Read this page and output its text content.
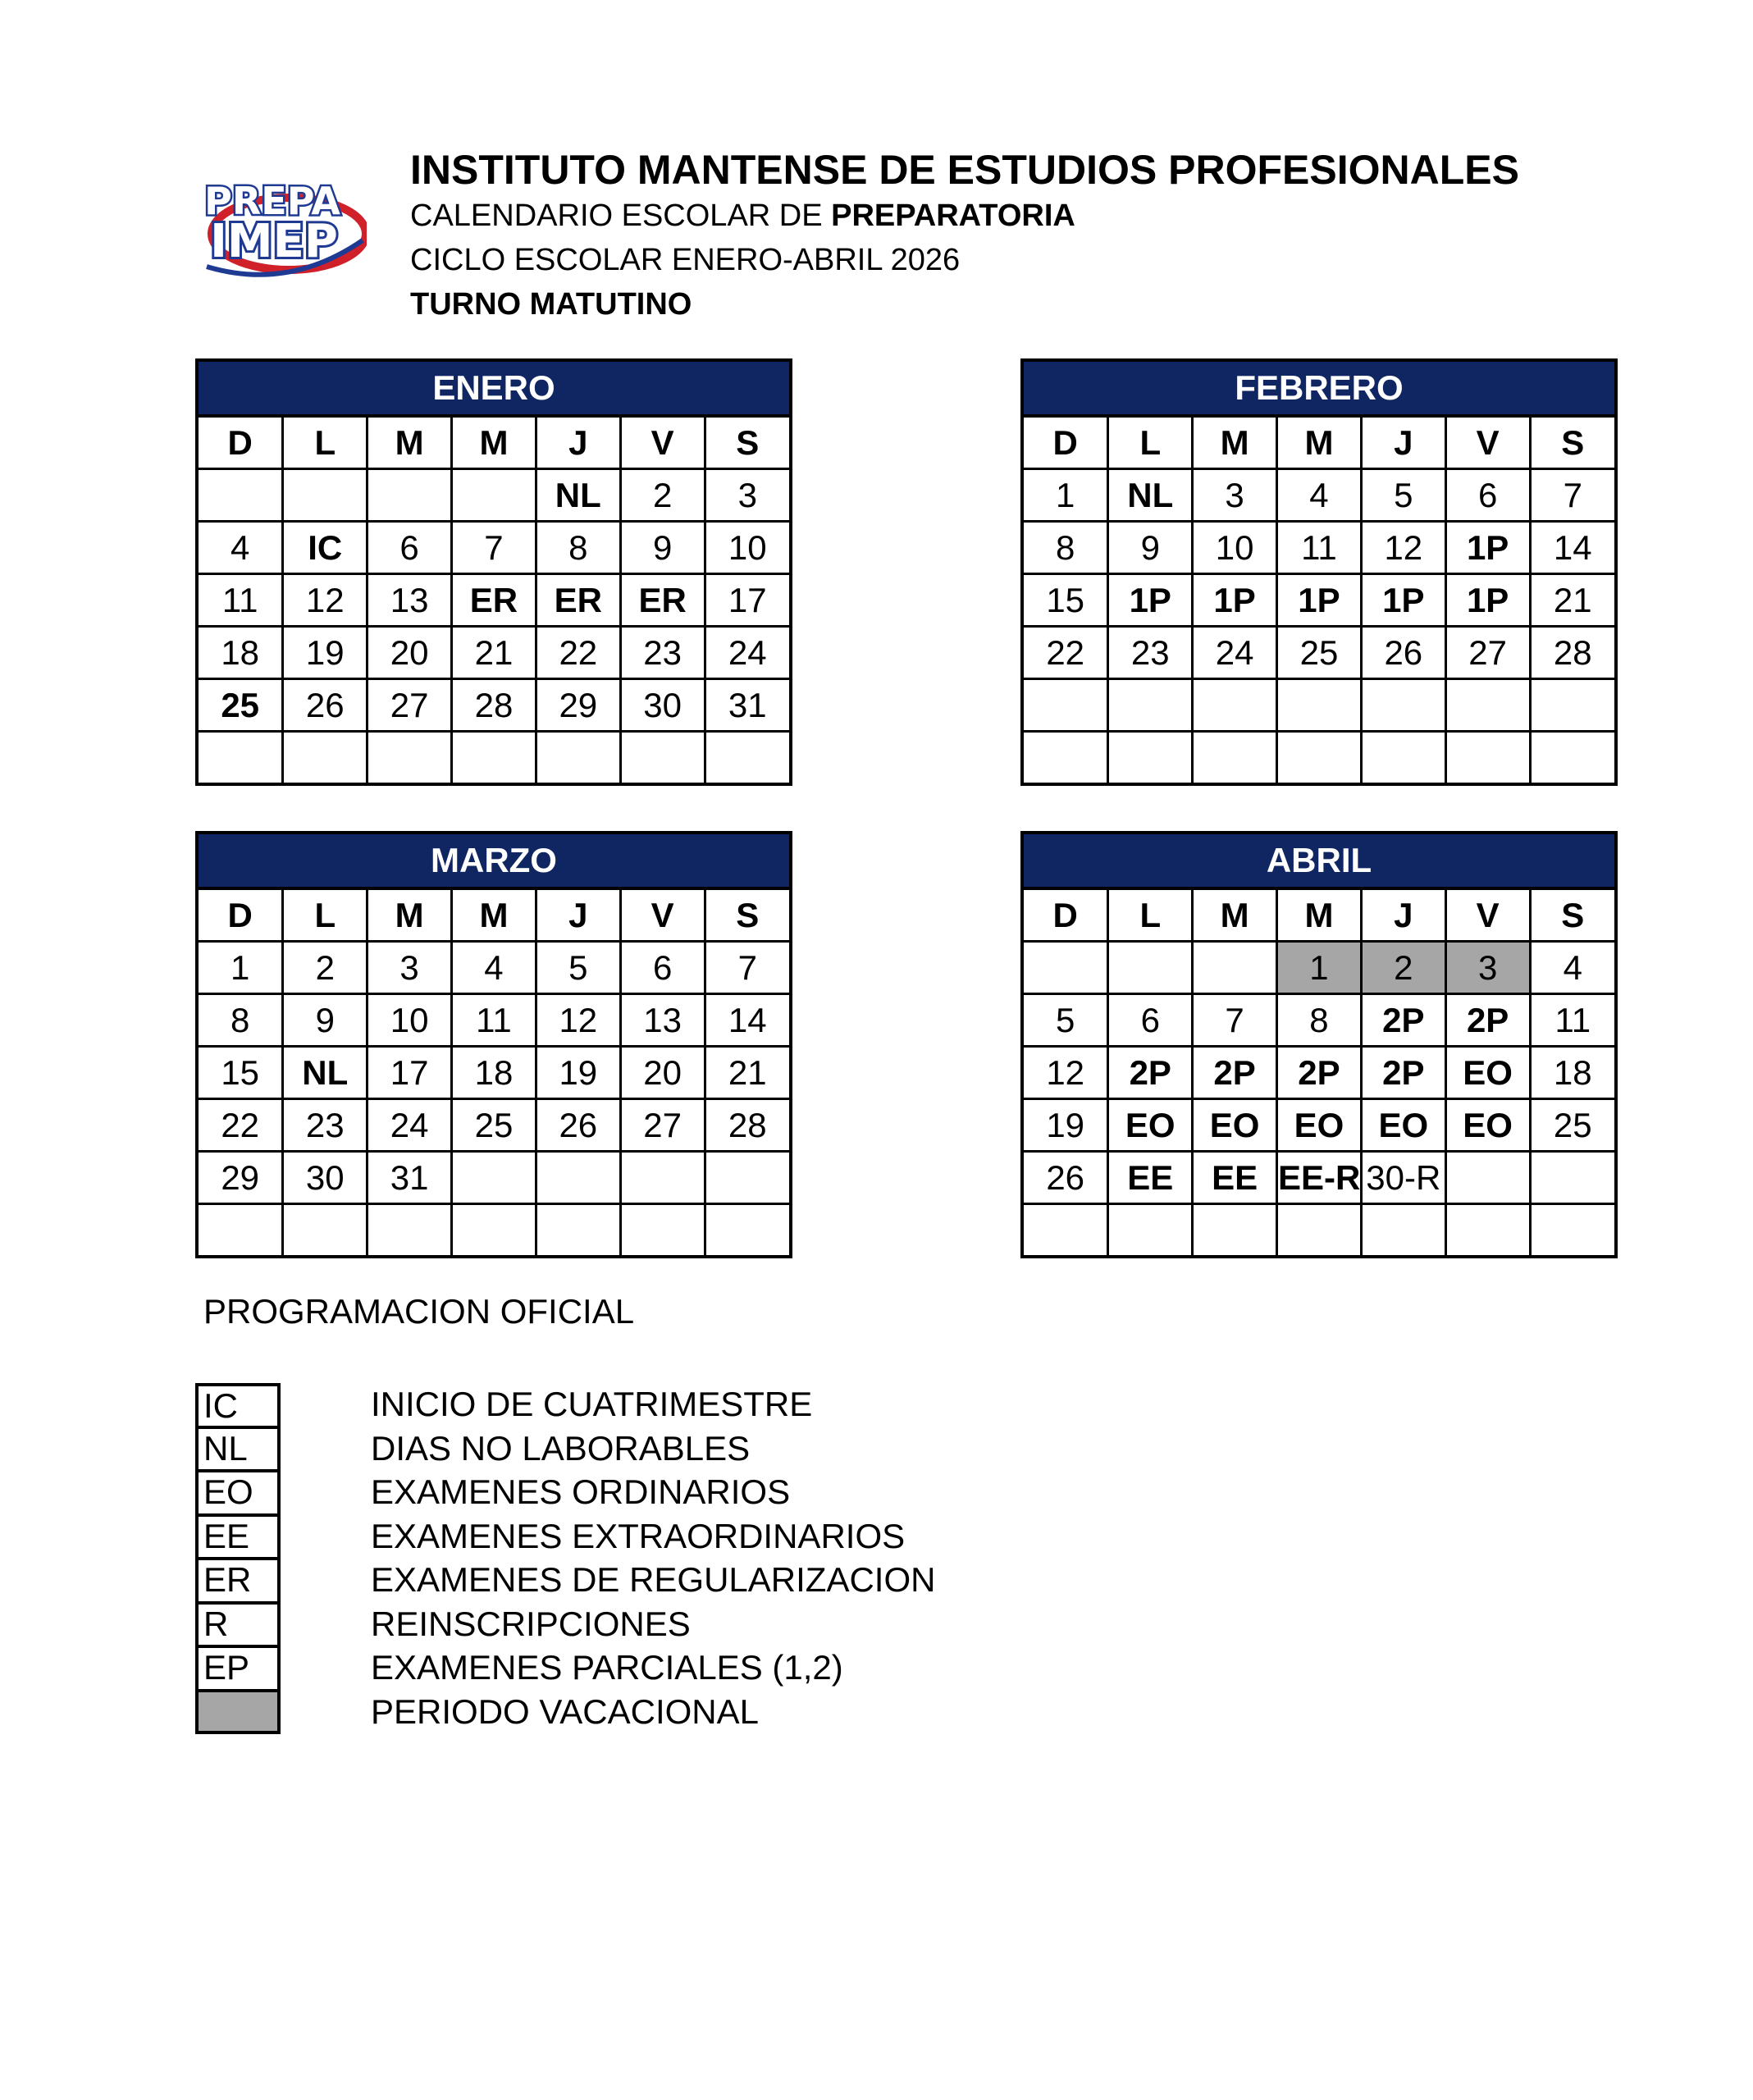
PREPA
IMEP

INSTITUTO MANTENSE DE ESTUDIOS PROFESIONALES

CALENDARIO ESCOLAR DE PREPARATORIA

CICLO ESCOLAR ENERO-ABRIL 2026

TURNO MATUTINO

ENERO
D	L	M	M	J	V	S
				NL	2	3
4	IC	6	7	8	9	10
11	12	13	ER	ER	ER	17
18	19	20	21	22	23	24
25	26	27	28	29	30	31

FEBRERO
D	L	M	M	J	V	S
1	NL	3	4	5	6	7
8	9	10	11	12	1P	14
15	1P	1P	1P	1P	1P	21
22	23	24	25	26	27	28

MARZO
D	L	M	M	J	V	S
1	2	3	4	5	6	7
8	9	10	11	12	13	14
15	NL	17	18	19	20	21
22	23	24	25	26	27	28
29	30	31				

ABRIL
D	L	M	M	J	V	S
			1	2	3	4
5	6	7	8	2P	2P	11
12	2P	2P	2P	2P	EO	18
19	EO	EO	EO	EO	EO	25
26	EE	EE	EE-R	30-R		

PROGRAMACION OFICIAL
IC	INICIO DE CUATRIMESTRE
NL	DIAS NO LABORABLES
EO	EXAMENES ORDINARIOS
EE	EXAMENES EXTRAORDINARIOS
ER	EXAMENES DE REGULARIZACION
R	REINSCRIPCIONES
EP	EXAMENES PARCIALES (1,2)
PERIODO VACACIONAL
